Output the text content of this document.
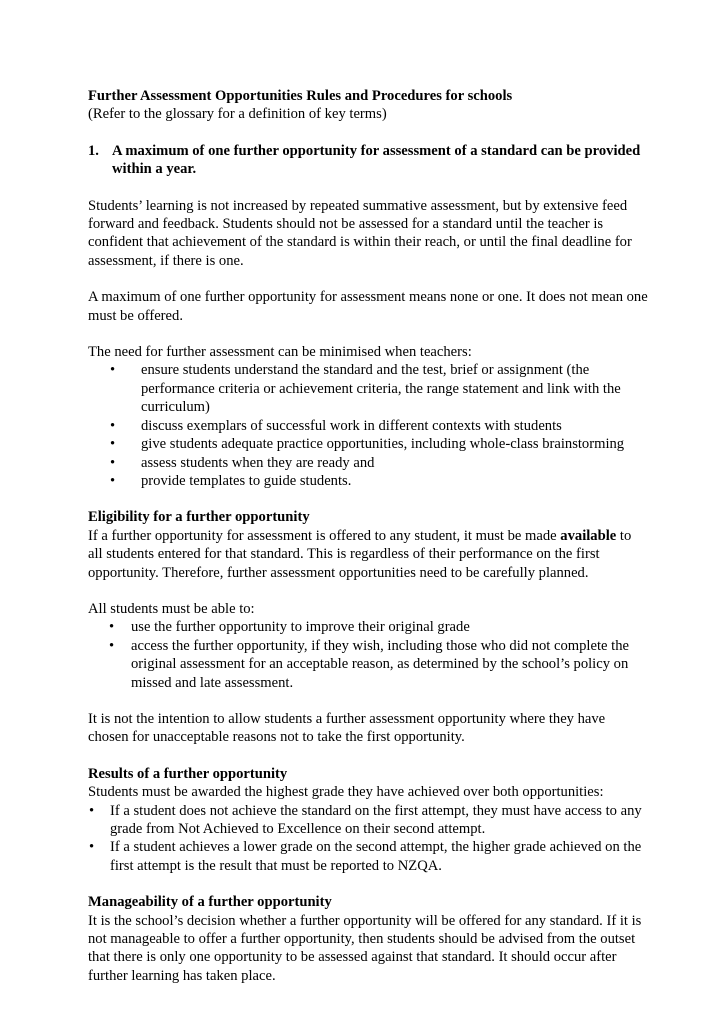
Further Assessment Opportunities Rules and Procedures for schools

(Refer to the glossary for a definition of key terms)

1. A maximum of one further opportunity for assessment of a standard can be provided within a year.

Students’ learning is not increased by repeated summative assessment, but by extensive feed forward and feedback. Students should not be assessed for a standard until the teacher is confident that achievement of the standard is within their reach, or until the final deadline for assessment, if there is one.

A maximum of one further opportunity for assessment means none or one. It does not mean one must be offered.

The need for further assessment can be minimised when teachers:

• ensure students understand the standard and the test, brief or assignment (the performance criteria or achievement criteria, the range statement and link with the curriculum)
• discuss exemplars of successful work in different contexts with students
• give students adequate practice opportunities, including whole-class brainstorming
• assess students when they are ready and
• provide templates to guide students.

Eligibility for a further opportunity

If a further opportunity for assessment is offered to any student, it must be made available to all students entered for that standard. This is regardless of their performance on the first opportunity. Therefore, further assessment opportunities need to be carefully planned.

All students must be able to:

• use the further opportunity to improve their original grade
• access the further opportunity, if they wish, including those who did not complete the original assessment for an acceptable reason, as determined by the school’s policy on missed and late assessment.

It is not the intention to allow students a further assessment opportunity where they have chosen for unacceptable reasons not to take the first opportunity.

Results of a further opportunity

Students must be awarded the highest grade they have achieved over both opportunities:

• If a student does not achieve the standard on the first attempt, they must have access to any grade from Not Achieved to Excellence on their second attempt.
• If a student achieves a lower grade on the second attempt, the higher grade achieved on the first attempt is the result that must be reported to NZQA.

Manageability of a further opportunity

It is the school’s decision whether a further opportunity will be offered for any standard. If it is not manageable to offer a further opportunity, then students should be advised from the outset that there is only one opportunity to be assessed against that standard. It should occur after further learning has taken place.
